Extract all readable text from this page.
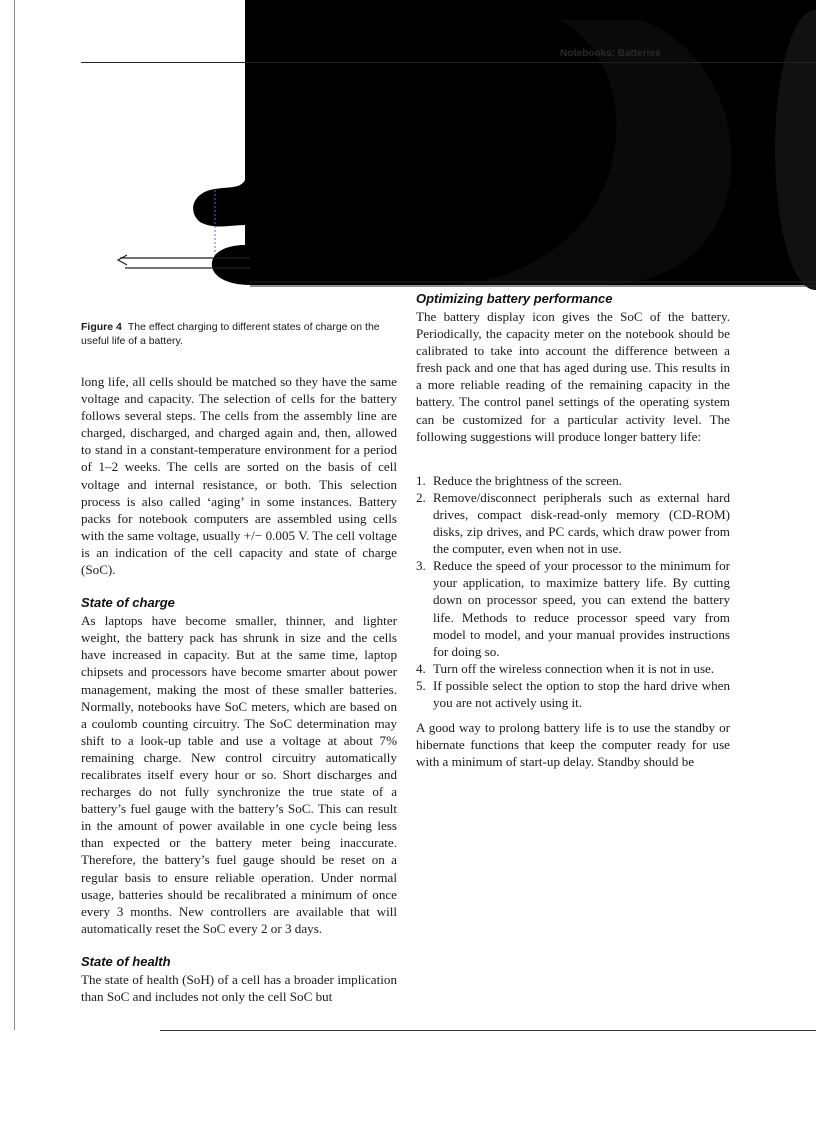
Notebooks: Batteries
Figure 4 The effect charging to different states of charge on the useful life of a battery.

long life, all cells should be matched so they have the same voltage and capacity. The selection of cells for the battery follows several steps. The cells from the assembly line are charged, discharged, and charged again and, then, allowed to stand in a constant-temperature environment for a period of 1–2 weeks. The cells are sorted on the basis of cell voltage and internal resistance, or both. This selection process is also called ‘aging’ in some instances. Battery packs for notebook computers are assembled using cells with the same voltage, usually +/− 0.005 V. The cell voltage is an indication of the cell capacity and state of charge (SoC).

State of charge

As laptops have become smaller, thinner, and lighter weight, the battery pack has shrunk in size and the cells have increased in capacity. But at the same time, laptop chipsets and processors have become smarter about power management, making the most of these smaller batteries. Normally, notebooks have SoC meters, which are based on a coulomb counting circuitry. The SoC determination may shift to a look-up table and use a voltage at about 7% remaining charge. New control circuitry automatically recalibrates itself every hour or so. Short discharges and recharges do not fully synchronize the true state of a battery’s fuel gauge with the battery’s SoC. This can result in the amount of power available in one cycle being less than expected or the battery meter being inaccurate. Therefore, the battery’s fuel gauge should be reset on a regular basis to ensure reliable operation. Under normal usage, batteries should be recalibrated a minimum of once every 3 months. New controllers are available that will automatically reset the SoC every 2 or 3 days.

State of health

The state of health (SoH) of a cell has a broader implication than SoC and includes not only the cell SoC but

Optimizing battery performance

The battery display icon gives the SoC of the battery. Periodically, the capacity meter on the notebook should be calibrated to take into account the difference between a fresh pack and one that has aged during use. This results in a more reliable reading of the remaining capacity in the battery. The control panel settings of the operating system can be customized for a particular activity level. The following suggestions will produce longer battery life:

1. Reduce the brightness of the screen.
2. Remove/disconnect peripherals such as external hard drives, compact disk-read-only memory (CD-ROM) disks, zip drives, and PC cards, which draw power from the computer, even when not in use.
3. Reduce the speed of your processor to the minimum for your application, to maximize battery life. By cutting down on processor speed, you can extend the battery life. Methods to reduce processor speed vary from model to model, and your manual provides instructions for doing so.
4. Turn off the wireless connection when it is not in use.
5. If possible select the option to stop the hard drive when you are not actively using it.

A good way to prolong battery life is to use the standby or hibernate functions that keep the computer ready for use with a minimum of start-up delay. Standby should be
